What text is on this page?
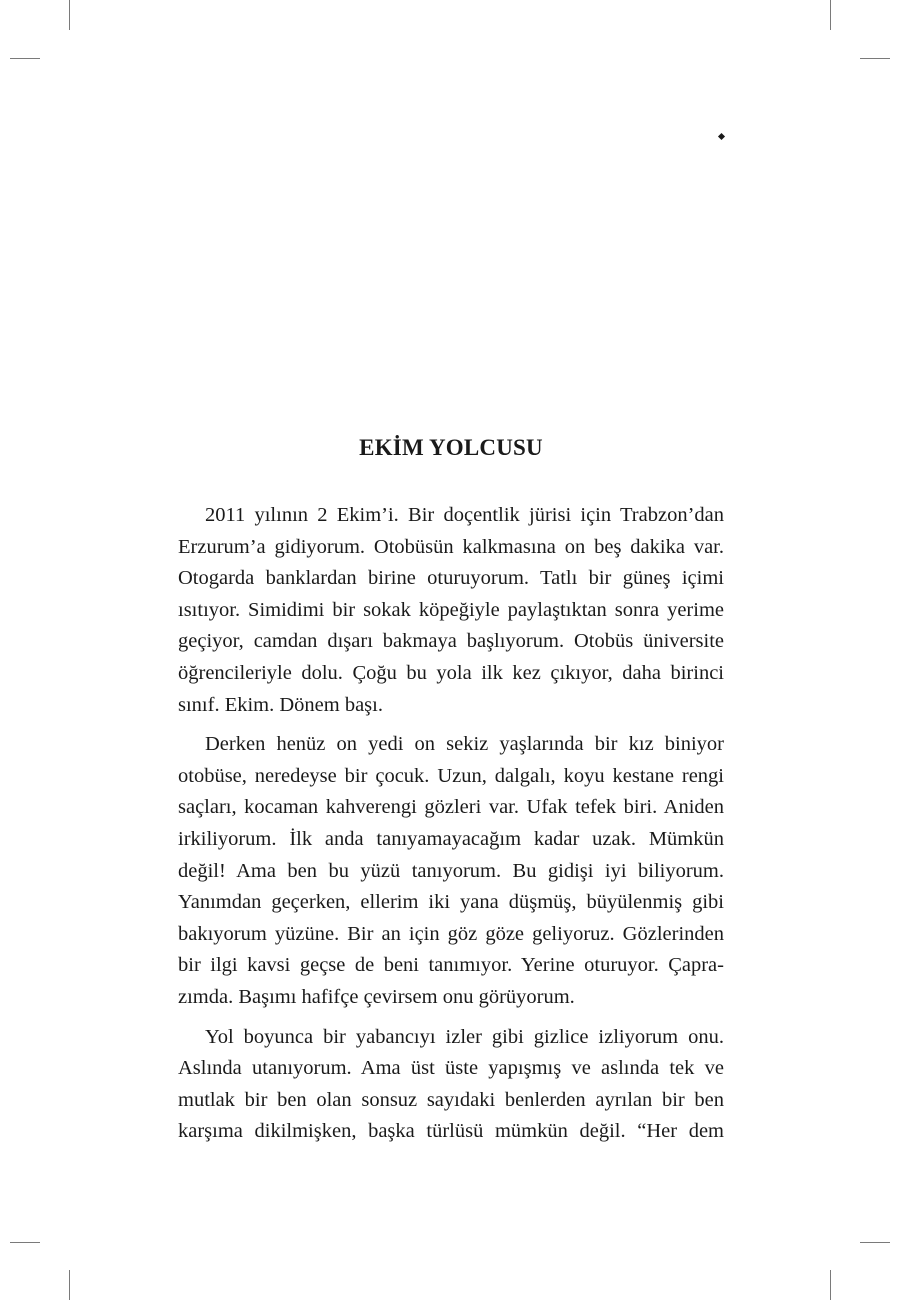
EKİM YOLCUSU

2011 yılının 2 Ekim’i. Bir doçentlik jürisi için Trabzon’dan
Erzurum’a gidiyorum. Otobüsün kalkmasına on beş dakika var.
Otogarda banklardan birine oturuyorum. Tatlı bir güneş içimi
ısıtıyor. Simidimi bir sokak köpeğiyle paylaştıktan sonra yerime
geçiyor, camdan dışarı bakmaya başlıyorum. Otobüs üniversite
öğrencileriyle dolu. Çoğu bu yola ilk kez çıkıyor, daha birinci
sınıf. Ekim. Dönem başı.

Derken henüz on yedi on sekiz yaşlarında bir kız biniyor
otobüse, neredeyse bir çocuk. Uzun, dalgalı, koyu kestane rengi
saçları, kocaman kahverengi gözleri var. Ufak tefek biri. Aniden
irkiliyorum. İlk anda tanıyamayacağım kadar uzak. Mümkün
değil! Ama ben bu yüzü tanıyorum. Bu gidişi iyi biliyorum.
Yanımdan geçerken, ellerim iki yana düşmüş, büyülenmiş gibi
bakıyorum yüzüne. Bir an için göz göze geliyoruz. Gözlerinden
bir ilgi kavsi geçse de beni tanımıyor. Yerine oturuyor. Çapra-
zımda. Başımı hafifçe çevirsem onu görüyorum.

Yol boyunca bir yabancıyı izler gibi gizlice izliyorum onu.
Aslında utanıyorum. Ama üst üste yapışmış ve aslında tek ve
mutlak bir ben olan sonsuz sayıdaki benlerden ayrılan bir ben
karşıma dikilmişken, başka türlüsü mümkün değil. “Her dem
